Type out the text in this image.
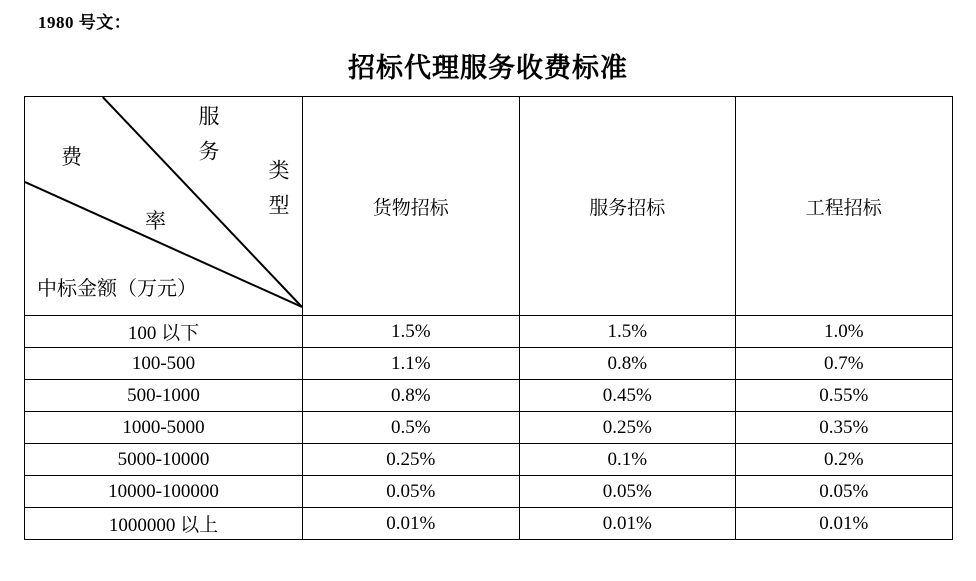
1980 号文：
招标代理服务收费标准
费
率
服务
类型
中标金额（万元）	货物招标	服务招标	工程招标
100 以下	1.5%	1.5%	1.0%
100-500	1.1%	0.8%	0.7%
500-1000	0.8%	0.45%	0.55%
1000-5000	0.5%	0.25%	0.35%
5000-10000	0.25%	0.1%	0.2%
10000-100000	0.05%	0.05%	0.05%
1000000 以上	0.01%	0.01%	0.01%
